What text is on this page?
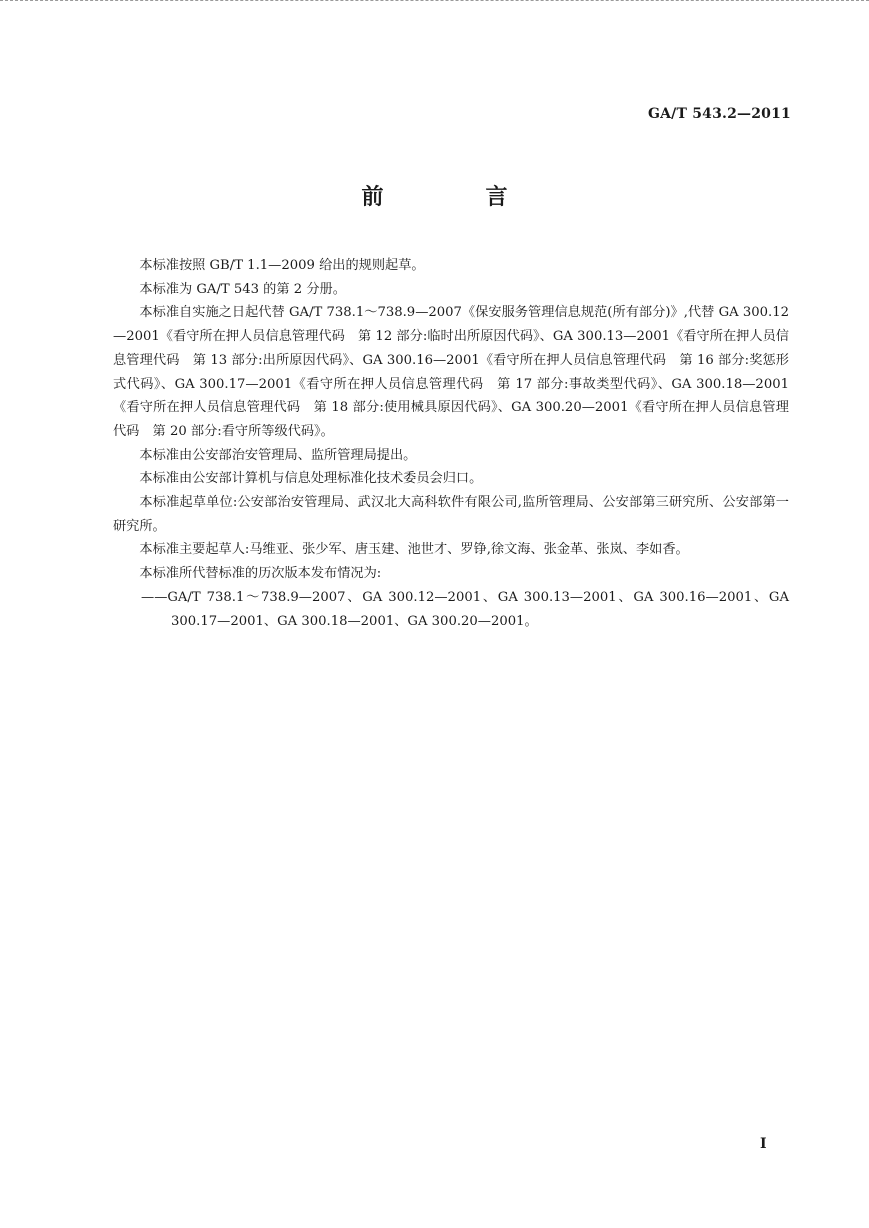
GA/T 543.2—2011
前　言

本标准按照 GB/T 1.1—2009 给出的规则起草。

本标准为 GA/T 543 的第 2 分册。

本标准自实施之日起代替 GA/T 738.1～738.9—2007《保安服务管理信息规范(所有部分)》,代替 GA 300.12—2001《看守所在押人员信息管理代码　第 12 部分:临时出所原因代码》、GA 300.13—2001《看守所在押人员信息管理代码　第 13 部分:出所原因代码》、GA 300.16—2001《看守所在押人员信息管理代码　第 16 部分:奖惩形式代码》、GA 300.17—2001《看守所在押人员信息管理代码　第 17 部分:事故类型代码》、GA 300.18—2001《看守所在押人员信息管理代码　第 18 部分:使用械具原因代码》、GA 300.20—2001《看守所在押人员信息管理代码　第 20 部分:看守所等级代码》。

本标准由公安部治安管理局、监所管理局提出。

本标准由公安部计算机与信息处理标准化技术委员会归口。

本标准起草单位:公安部治安管理局、武汉北大高科软件有限公司,监所管理局、公安部第三研究所、公安部第一研究所。

本标准主要起草人:马维亚、张少军、唐玉建、池世才、罗铮,徐文海、张金革、张岚、李如香。

本标准所代替标准的历次版本发布情况为:

——GA/T 738.1～738.9—2007、GA 300.12—2001、GA 300.13—2001、GA 300.16—2001、GA 300.17—2001、GA 300.18—2001、GA 300.20—2001。

I
